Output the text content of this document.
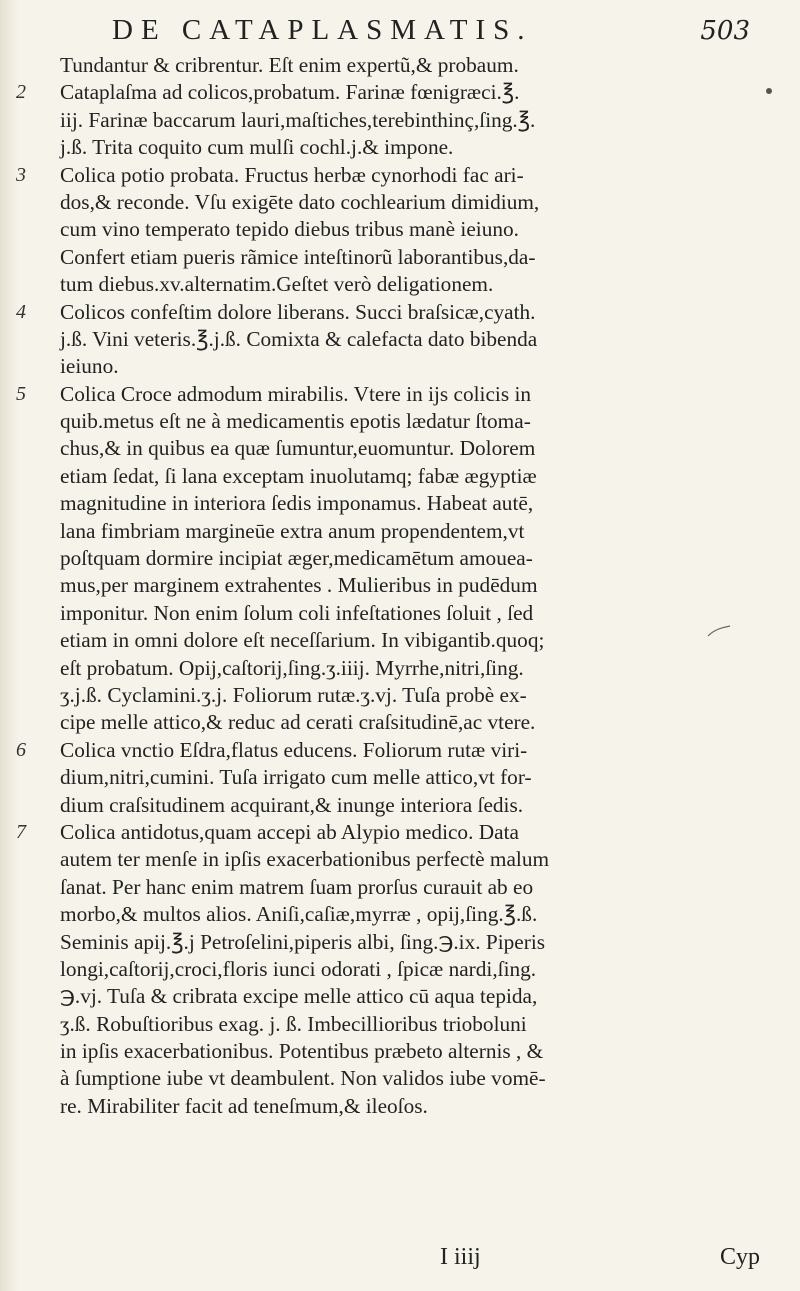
DE CATAPLASMATIS.	503
Tundantur & cribrentur. Eſt enim expertũ,& probaum.
2 Cataplaſma ad colicos,probatum. Farinæ fœnigræci.℥.
iij. Farinæ baccarum lauri,maſtiches,terebinthinç,ſing.℥.
j.ß. Trita coquito cum mulſi cochl.j.& impone.
3 Colica potio probata. Fructus herbæ cynorhodi fac ari-
dos,& reconde. Vſu exigēte dato cochlearium dimidium,
cum vino temperato tepido diebus tribus manè ieiuno.
Confert etiam pueris rãmice inteſtinorũ laborantibus,da-
tum diebus.xv.alternatim.Geſtet verò deligationem.
4 Colicos confeſtim dolore liberans. Succi braſsicæ,cyath.
j.ß. Vini veteris.℥.j.ß. Comixta & calefacta dato bibenda
ieiuno.
5 Colica Croce admodum mirabilis. Vtere in ijs colicis in
quib.metus eſt ne à medicamentis epotis lædatur ſtoma-
chus,& in quibus ea quæ ſumuntur,euomuntur. Dolorem
etiam ſedat, ſi lana exceptam inuolutamq; fabæ ægyptiæ
magnitudine in interiora ſedis imponamus. Habeat autē,
lana fimbriam margineūe extra anum propendentem,vt
poſtquam dormire incipiat æger,medicamētum amouea-
mus,per marginem extrahentes . Mulieribus in pudēdum
imponitur. Non enim ſolum coli infeſtationes ſoluit , ſed
etiam in omni dolore eſt neceſſarium. In vibigantib.quoq;
eſt probatum. Opij,caſtorij,ſing.ʒ.iiij. Myrrhe,nitri,ſing.
ʒ.j.ß. Cyclamini.ʒ.j. Foliorum rutæ.ʒ.vj. Tuſa probè ex-
cipe melle attico,& reduc ad cerati craſsitudinē,ac vtere.
6 Colica vnctio Eſdra,flatus educens. Foliorum rutæ viri-
dium,nitri,cumini. Tuſa irrigato cum melle attico,vt for-
dium craſsitudinem acquirant,& inunge interiora ſedis.
7 Colica antidotus,quam accepi ab Alypio medico. Data
autem ter menſe in ipſis exacerbationibus perfectè malum
ſanat. Per hanc enim matrem ſuam prorſus curauit ab eo
morbo,& multos alios. Aniſi,caſiæ,myrræ , opij,ſing.℥.ß.
Seminis apij.℥.j Petroſelini,piperis albi, ſing.℈.ix. Piperis
longi,caſtorij,croci,floris iunci odorati , ſpicæ nardi,ſing.
℈.vj. Tuſa & cribrata excipe melle attico cū aqua tepida,
ʒ.ß. Robuſtioribus exag. j. ß. Imbecillioribus trioboluni
in ipſis exacerbationibus. Potentibus præbeto alternis , &
à ſumptione iube vt deambulent. Non validos iube vomē-
re. Mirabiliter facit ad teneſmum,& ileoſos.
I iiij	Cyp
